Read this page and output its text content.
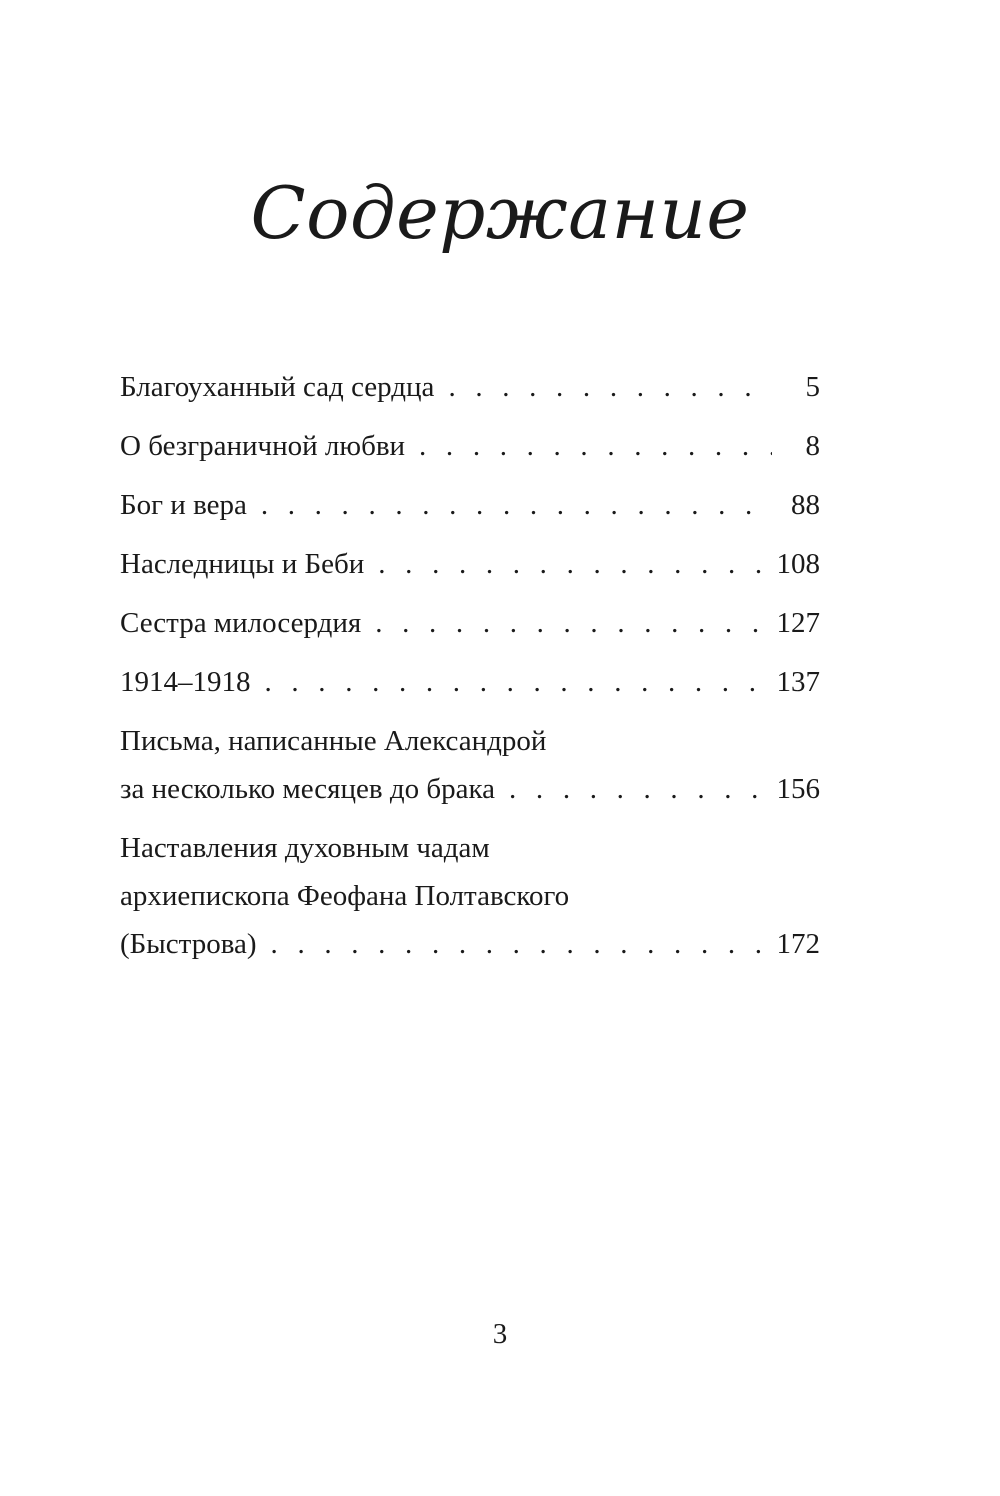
Содержание
Благоуханный сад сердца . . .	5
О безграничной любви . . .	8
Бог и вера . . .	88
Наследницы и Беби . . .	108
Сестра милосердия . . .	127
1914–1918 . . .	137
Письма, написанные Александрой
за несколько месяцев до брака . . .	156
Наставления духовным чадам
архиепископа Феофана Полтавского
(Быстрова) . . .	172

3
